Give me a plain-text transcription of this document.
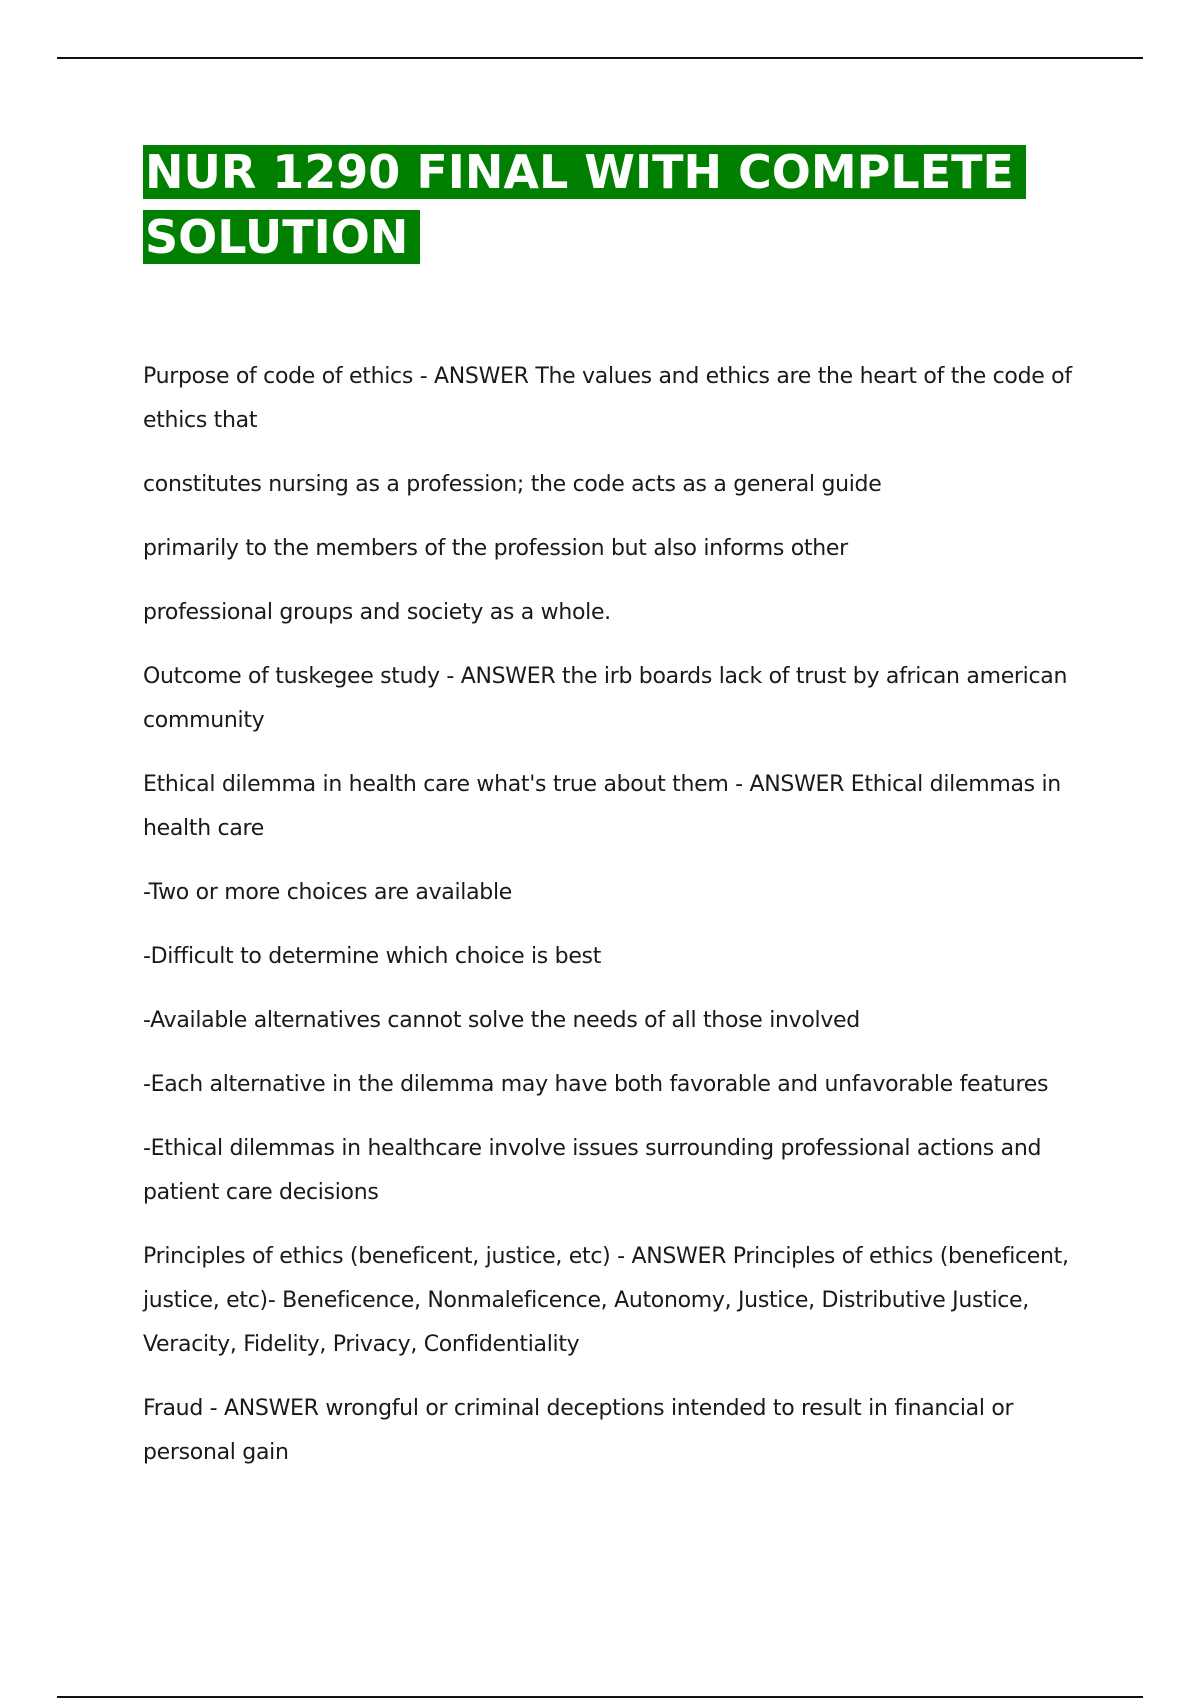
NUR 1290 FINAL WITH COMPLETE SOLUTION

Purpose of code of ethics - ANSWER The values and ethics are the heart of the code of ethics that

constitutes nursing as a profession; the code acts as a general guide

primarily to the members of the profession but also informs other

professional groups and society as a whole.

Outcome of tuskegee study - ANSWER the irb boards lack of trust by african american community

Ethical dilemma in health care what's true about them - ANSWER Ethical dilemmas in health care

-Two or more choices are available

-Difficult to determine which choice is best

-Available alternatives cannot solve the needs of all those involved

-Each alternative in the dilemma may have both favorable and unfavorable features

-Ethical dilemmas in healthcare involve issues surrounding professional actions and patient care decisions

Principles of ethics (beneficent, justice, etc) - ANSWER Principles of ethics (beneficent, justice, etc)- Beneficence, Nonmaleficence, Autonomy, Justice, Distributive Justice, Veracity, Fidelity, Privacy, Confidentiality

Fraud - ANSWER wrongful or criminal deceptions intended to result in financial or personal gain
